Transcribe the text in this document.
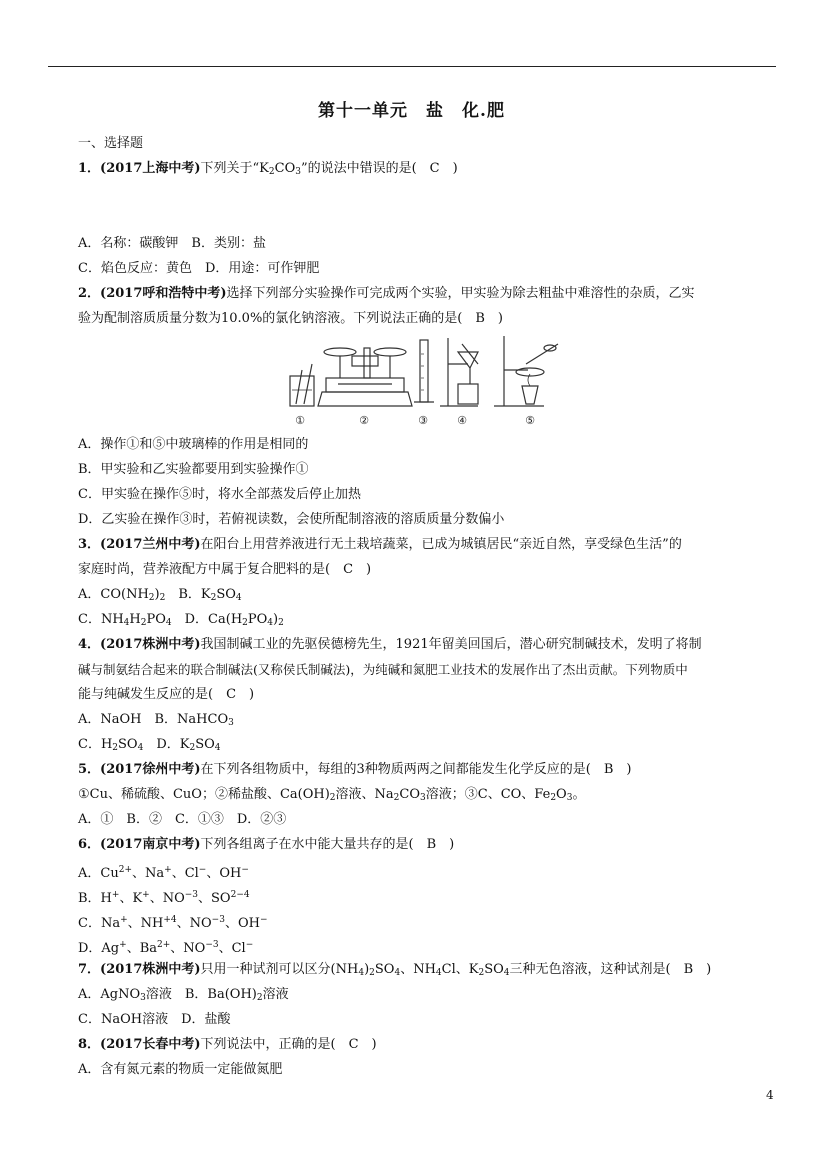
第十一单元　盐　化.肥
一、选择题
1．(2017上海中考)下列关于“$K_2CO_3$”的说法中错误的是(　C　)
A．名称：碳酸钾　B．类别：盐
C．焰色反应：黄色　D．用途：可作钾肥
2．(2017呼和浩特中考)选择下列部分实验操作可完成两个实验，甲实验为除去粗盐中难溶性的杂质，乙实
验为配制溶质质量分数为10.0%的氯化钠溶液。下列说法正确的是(　B　)
①	②	③	④	⑤
A．操作①和⑤中玻璃棒的作用是相同的
B．甲实验和乙实验都要用到实验操作①
C．甲实验在操作⑤时，将水全部蒸发后停止加热
D．乙实验在操作③时，若俯视读数，会使所配制溶液的溶质质量分数偏小
3．(2017兰州中考)在阳台上用营养液进行无土栽培蔬菜，已成为城镇居民“亲近自然，享受绿色生活”的
家庭时尚，营养液配方中属于复合肥料的是(　C　)
A．$CO(NH_2)_2$　B．$K_2SO_4$
C．$NH_4H_2PO_4$　D．$Ca(H_2PO_4)_2$
4．(2017株洲中考)我国制碱工业的先驱侯德榜先生，1921年留美回国后，潜心研究制碱技术，发明了将制
碱与制氨结合起来的联合制碱法(又称侯氏制碱法)，为纯碱和氮肥工业技术的发展作出了杰出贡献。下列物质中
能与纯碱发生反应的是(　C　)
A．NaOH　B．NaHCO$_3$
C．$H_2SO_4$　D．$K_2SO_4$
5．(2017徐州中考)在下列各组物质中，每组的3种物质两两之间都能发生化学反应的是(　B　)
①Cu、稀硫酸、CuO；②稀盐酸、$Ca(OH)_2$溶液、$Na_2CO_3$溶液；③C、CO、$Fe_2O_3$。
A．①　B．②　C．①③　D．②③
6．(2017南京中考)下列各组离子在水中能大量共存的是(　B　)
A．$Cu^{2+}$、Na+、Cl−、OH−
B．H+、K+、$NO^{-3}$、$SO^{2-4}$
C．Na+、$NH^{+4}$、$NO^{-3}$、OH−
D．Ag+、$Ba^{2+}$、$NO^{-3}$、Cl−
7．(2017株洲中考)只用一种试剂可以区分$(NH_4)_2SO_4$、$NH_4Cl$、$K_2SO_4$三种无色溶液，这种试剂是(　B　)
A．AgNO$_3$溶液　B．$Ba(OH)_2$溶液
C．NaOH溶液　D．盐酸
8．(2017长春中考)下列说法中，正确的是(　C　)
A．含有氮元素的物质一定能做氮肥
4
